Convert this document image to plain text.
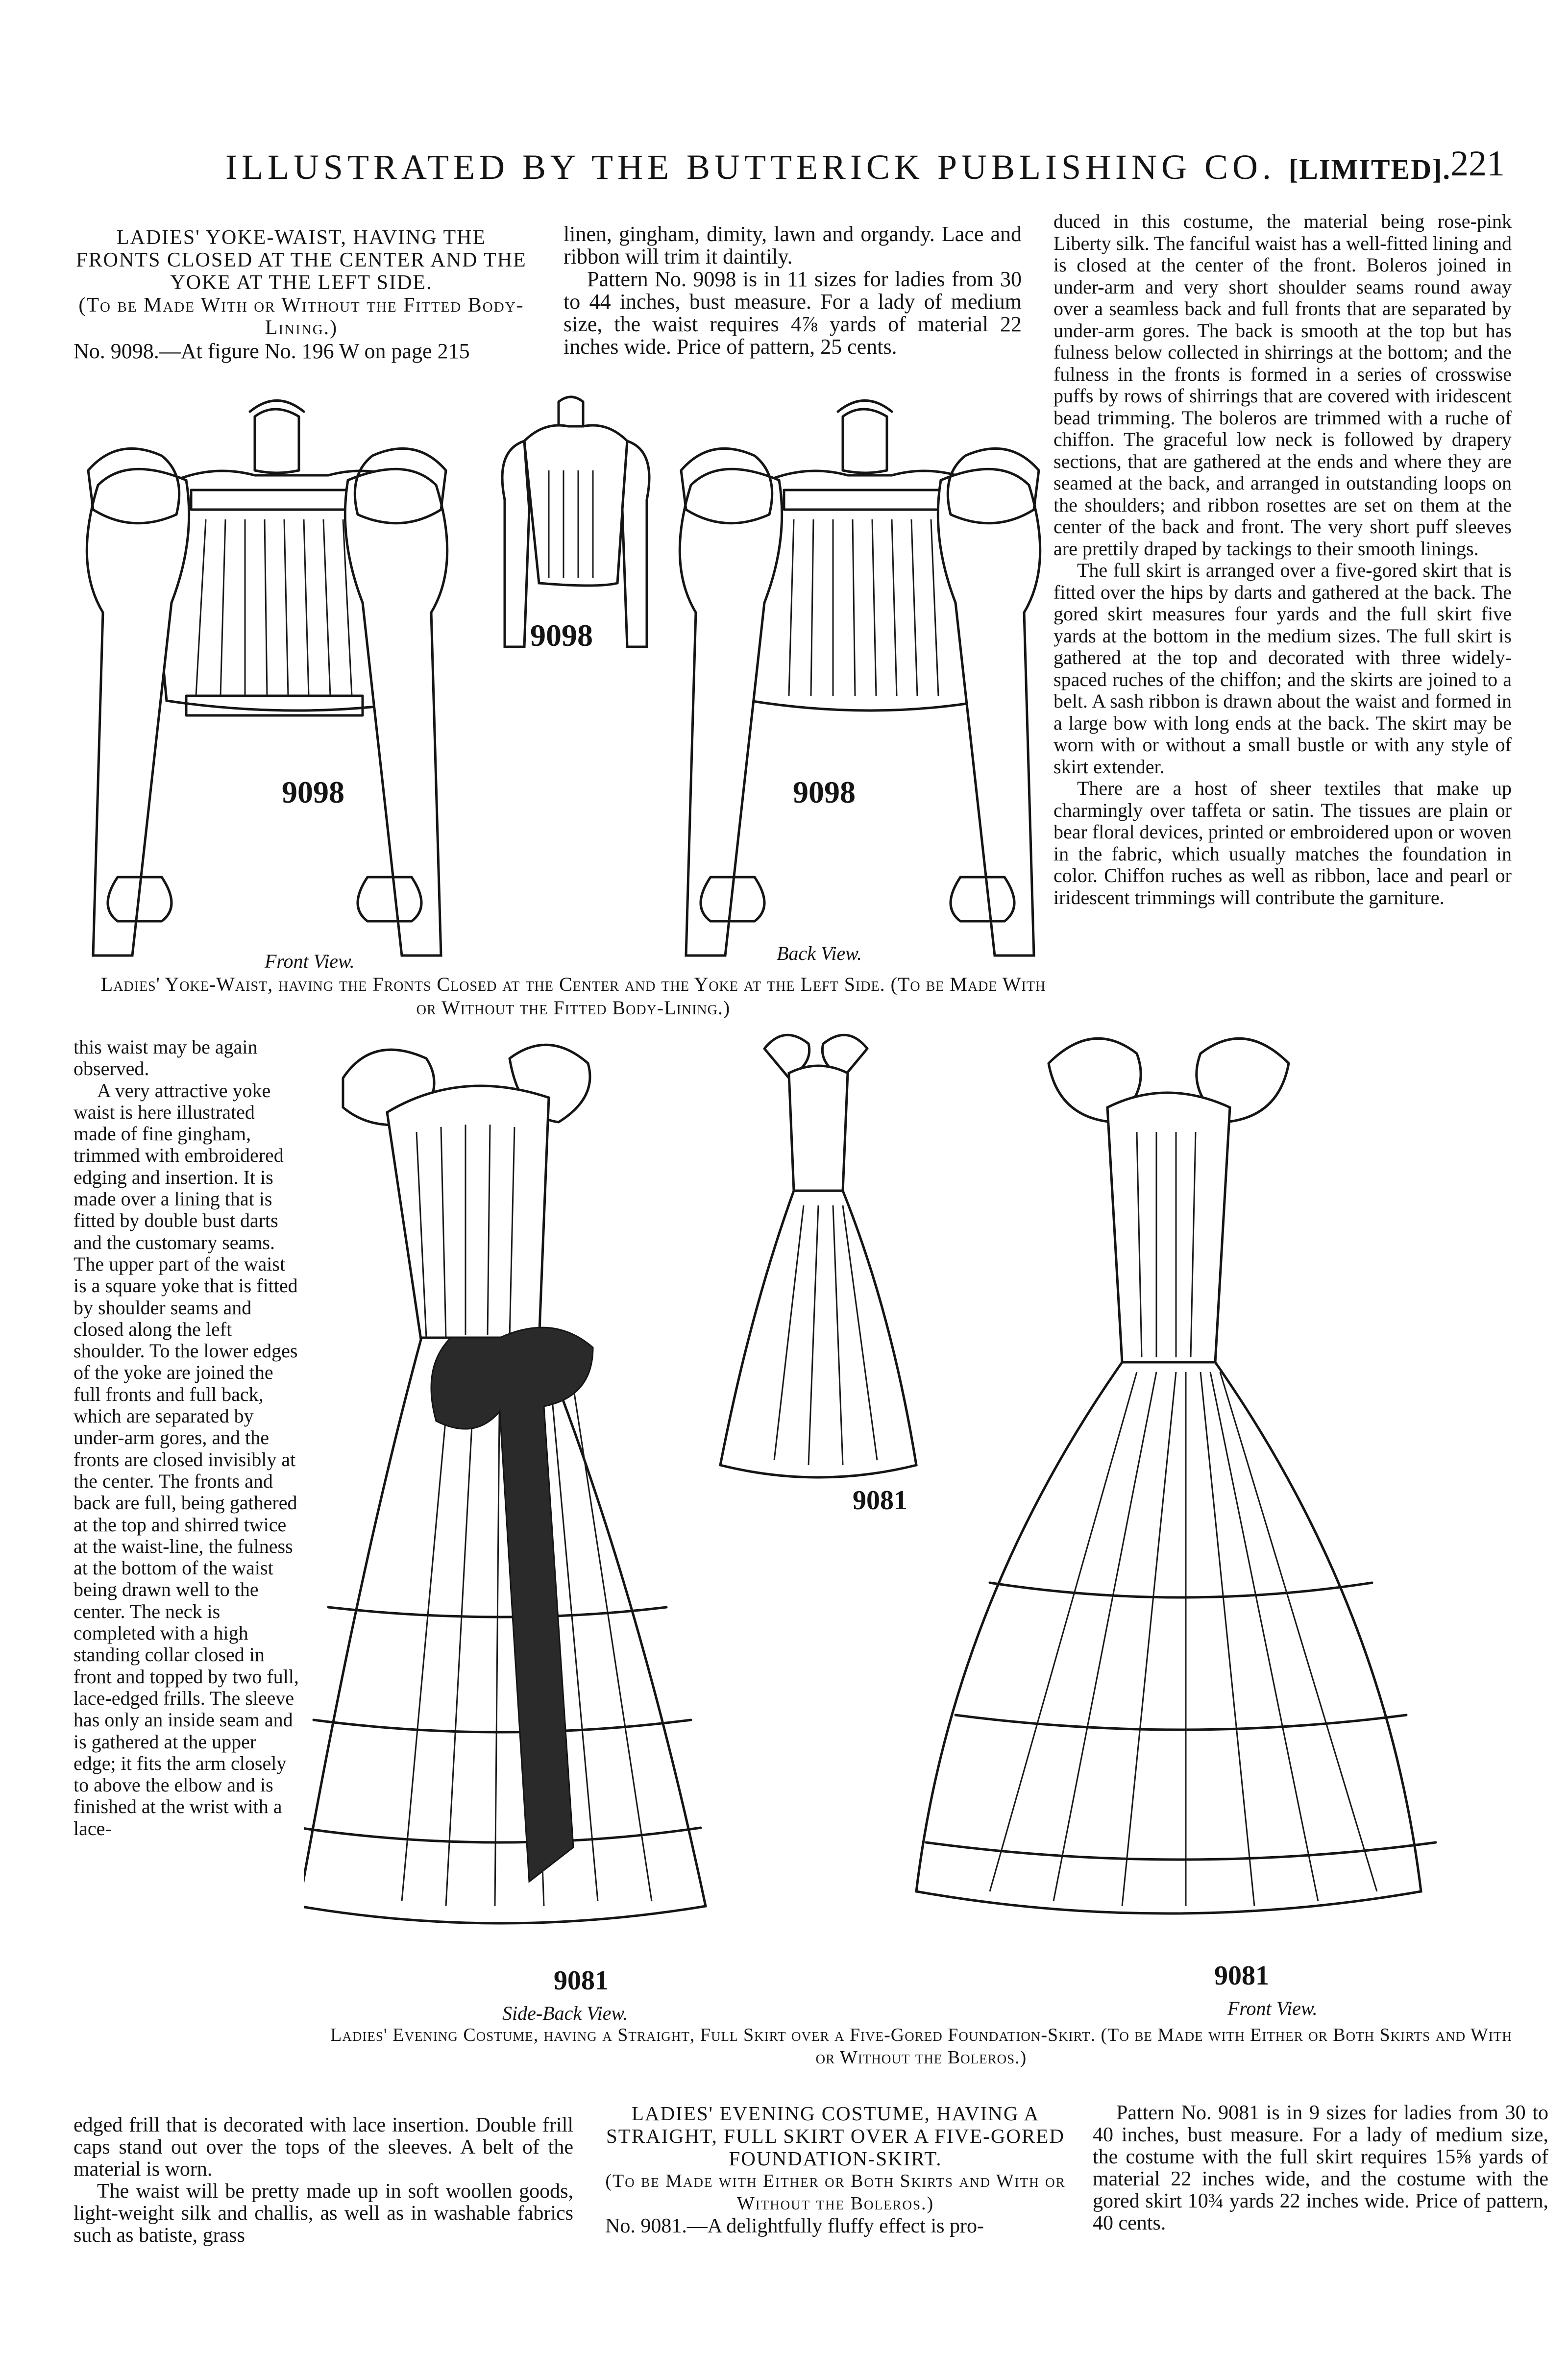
ILLUSTRATED BY THE BUTTERICK PUBLISHING CO. [LIMITED]. 221
LADIES' YOKE-WAIST, HAVING THE FRONTS CLOSED AT THE CENTER AND THE YOKE AT THE LEFT SIDE.
(To be Made With or Without the Fitted Body-Lining.)

No. 9098.—At figure No. 196 W on page 215

linen, gingham, dimity, lawn and organdy. Lace and ribbon will trim it daintily.

Pattern No. 9098 is in 11 sizes for ladies from 30 to 44 inches, bust measure. For a lady of medium size, the waist requires 4⅞ yards of material 22 inches wide. Price of pattern, 25 cents.

duced in this costume, the material being rose-pink Liberty silk. The fanciful waist has a well-fitted lining and is closed at the center of the front. Boleros joined in under-arm and very short shoulder seams round away over a seamless back and full fronts that are separated by under-arm gores. The back is smooth at the top but has fulness below collected in shirrings at the bottom; and the fulness in the fronts is formed in a series of crosswise puffs by rows of shirrings that are covered with iridescent bead trimming. The boleros are trimmed with a ruche of chiffon. The graceful low neck is followed by drapery sections, that are gathered at the ends and where they are seamed at the back, and arranged in outstanding loops on the shoulders; and ribbon rosettes are set on them at the center of the back and front. The very short puff sleeves are prettily draped by tackings to their smooth linings.

The full skirt is arranged over a five-gored skirt that is fitted over the hips by darts and gathered at the back. The gored skirt measures four yards and the full skirt five yards at the bottom in the medium sizes. The full skirt is gathered at the top and decorated with three widely-spaced ruches of the chiffon; and the skirts are joined to a belt. A sash ribbon is drawn about the waist and formed in a large bow with long ends at the back. The skirt may be worn with or without a small bustle or with any style of skirt extender.

There are a host of sheer textiles that make up charmingly over taffeta or satin. The tissues are plain or bear floral devices, printed or embroidered upon or woven in the fabric, which usually matches the foundation in color. Chiffon ruches as well as ribbon, lace and pearl or iridescent trimmings will contribute the garniture.

9098
9098
9098
Front View.	Back View.
Ladies' Yoke-Waist, having the Fronts Closed at the Center and the Yoke at the Left Side. (To be Made With or Without the Fitted Body-Lining.)

this waist may be again observed.

A very attractive yoke waist is here illustrated made of fine gingham, trimmed with embroidered edging and insertion. It is made over a lining that is fitted by double bust darts and the customary seams. The upper part of the waist is a square yoke that is fitted by shoulder seams and closed along the left shoulder. To the lower edges of the yoke are joined the full fronts and full back, which are separated by under-arm gores, and the fronts are closed invisibly at the center. The fronts and back are full, being gathered at the top and shirred twice at the waist-line, the fulness at the bottom of the waist being drawn well to the center. The neck is completed with a high standing collar closed in front and topped by two full, lace-edged frills. The sleeve has only an inside seam and is gathered at the upper edge; it fits the arm closely to above the elbow and is finished at the wrist with a lace-

9081
9081	9081
Side-Back View.	Front View.
Ladies' Evening Costume, having a Straight, Full Skirt over a Five-Gored Foundation-Skirt. (To be Made with Either or Both Skirts and With or Without the Boleros.)

edged frill that is decorated with lace insertion. Double frill caps stand out over the tops of the sleeves. A belt of the material is worn.

The waist will be pretty made up in soft woollen goods, light-weight silk and challis, as well as in washable fabrics such as batiste, grass

LADIES' EVENING COSTUME, HAVING A STRAIGHT, FULL SKIRT OVER A FIVE-GORED FOUNDATION-SKIRT.
(To be Made with Either or Both Skirts and With or Without the Boleros.)

No. 9081.—A delightfully fluffy effect is pro-

Pattern No. 9081 is in 9 sizes for ladies from 30 to 40 inches, bust measure. For a lady of medium size, the costume with the full skirt requires 15⅝ yards of material 22 inches wide, and the costume with the gored skirt 10¾ yards 22 inches wide. Price of pattern, 40 cents.
